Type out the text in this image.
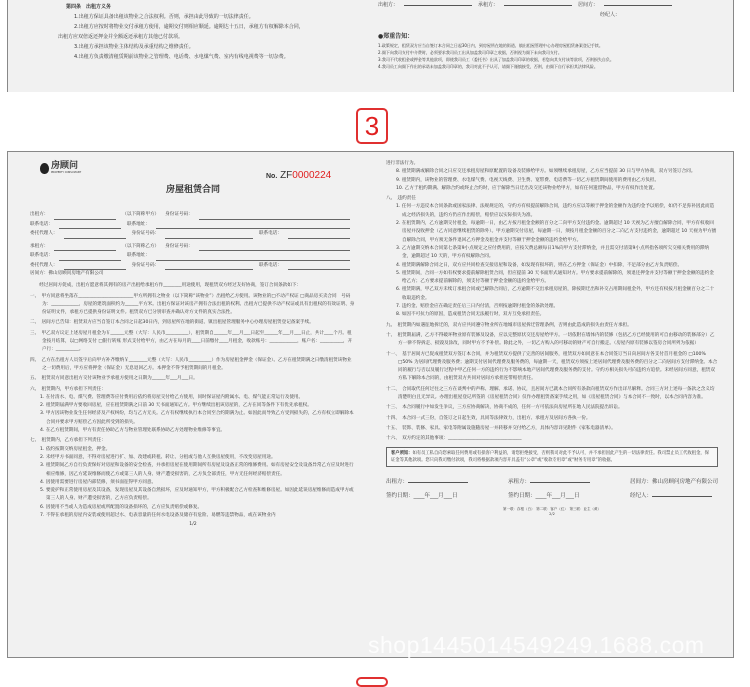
第四条　出租方义务
1.出租方保证具备出租该物业之合法权利。否则，承担由此导致的一切法律责任。
2.出租方应按时将物业交付承租方使用，逾期交付则相应顺延。逾期达十五日，承租方有权解除本合同，
出租方应双倍返还押金并全额返还承租方其他已付款项。
3.出租方承担该物业主体结构及承重结构之维修责任。
4.出租方负责缴清租赁期前该物业之管理费、电话费、水电煤气费、室内有线电视费等一切杂费。
出租方：	承租方：	居间方：
经纪人：
●郑重告知：
1.政策规定，租赁双方应当自签订本合同之日起30日内，到房屋所在地的街道、镇出租屋管理中心办理房屋租赁备案登记手续。
2.阁下向我司支付中介费时，必须要求我司员工出具加盖我司印章之收据，否则视为阁下未向我司支付。
3.我司不代收租金或押金等其他款项，即使我司员工（委托书）出具了加盖我司印章的收据，若您向其支付该等款项，否则损失自负。
4.我司员工向阁下作出的承诺未加盖我司印章的，我司对此不予认可，请阁下谨慎接受，否则，由阁下自行承担其法律风险。
3
房顾问
PROPERTY CONSULTANT
No. ZF0000224
房屋租赁合同
出租方：	（以下简称甲方） 身份证号码：
联系电话：	联系地址：
委托代理人：	身份证号码：	联系电话：
承租方：	（以下简称乙方） 身份证号码：
联系电话：	联系地址：
委托代理人：	身份证号码：	联系电话：
居间方：佛山房顾问房地产有限公司
　　经过居间方促成，出租方愿意将其拥有的房产出租给承租方作________用途使用，现租赁双方经过友好协商，签订合同条款如下：
一、　甲方同意将坐落在________________________甲方所拥有之物业（以下简称“该物业”）出租给乙方使用。该物业的□不动产权证 □商品房买卖合同　号码为：____________，房屋的建筑面积约为______平方米。出租方保证对该房产拥有合法出租的权利。出租方已提供不动产权证或具有出租权的有效证明、身份证明文件，承租方已提供身份证明文件。租赁双方已分别审查并确认对方文件的真实合法性。
二、　居间方已告知：租赁双方应当自签订本合同之日起30日内，到房屋所在地的街道、镇出租屋管理服务中心办理房屋租赁登记备案手续。
三、　甲乙双方议定上述房屋月租金为￥______元整（大写：人民币__________），租赁期自______年___月___日起至______年___月___日止，共计____个月。租金按月结算，以□网络支付 □银行转账 形式支付给甲方，由乙方在每月的____日前缴付____月租金，收款账号：____________，账户名：__________，开户行：__________。
四、　乙方在出租方人员签字后向甲方补齐缴纳￥________元整（大写：人民币__________）作为房屋租金押金（保证金）。乙方在租赁期满之日缴清租赁该物业之一切费用后，甲方应将押金（保证金）无息退回乙方。本押金不得予租赁期间的月租金。
五、　租赁双方同意出租方交付该物业予承租方使用之日期为______年___月___日。
六、　租赁期内，甲方承担下列责任：
1. 在付清水、电、煤气费、管理费等应付费用后依约将房屋交付给乙方使用，同时保证屋内附属水、电、煤气能正常运行及使用。
2. 租赁期届满甲方要收回房屋，应在租赁期满之日前 30 天书面通知乙方。甲方继续出租该房屋的，乙方在同等条件下有优先承租权。
3. 甲方因该物业发生任何经济及产权纠纷，均与乙方无关。乙方有权继续执行本合同至合约期满为止。如因此而导致乙方受到损失的，乙方有权立即解除本合同并要求甲方赔偿乙方因此所受到的损失。
4. 在乙方租赁期间，甲方有责任协助乙方与物业管理处联系协助乙方处理物业维修等事宜。
七、　租赁期内，乙方承担下列责任：
1. 依约按期交纳房屋租金、押金。
2. 未经甲方书面同意，不得对房屋进行扩、加、改建或转租、转让、分租或与他人互换房屋使用，不改变房屋用途。
3. 租赁期间乙方自行负责保好对房屋和设备的安全检查，并承担房屋在使用期间所有房屋及设备正常的维修费用。如有房屋安全及设备异常乙方应及时进行相应维修，因乙方延误维修而使乙方或第三人的人身、财产遭受损害的，乙方负全部责任，甲方无任何经济赔偿责任。
4. 因使用需要进行房屋内部装修，须书面征得甲方同意。
5. 要爱护和正常使用房屋及其设备，发现房屋及其设备自然损坏，应及时通知甲方，甲方积极配合乙方检查和维修房屋。如因此延误房屋维修而造成甲方或第三人的人身、财产遭受损害的，乙方应负责赔偿。
6. 因使用不当或人为造成房屋或所配置的设备损坏的，乙方应负责赔偿或修复。
7. 不得在承租的房屋内安装或使用超过水、电表容量的任何水电设备及储存有危险、易燃等违禁物品，或在该物业内
1/2
进行非法行为。
8. 租赁期满或解除合同之日应交还承租房屋和原配置的设备及装修给甲方。如须继续承租房屋，乙方应当提前 30 日与甲方协商，双方另签订合同。
9. 租赁期内，该物业的管理费、水电煤气费、电视天线费、卫生费、宽带费、电话费等一切乙方租赁期间使用的费用由乙方负担。
10. 乙方于租约期满、解除合约或终止合约时，应于解除当日迁出及交还该物业给甲方，如有任何遗留物品，甲方有权作出处置。
八、　违约责任
1. 任何一方违反本合同条款或国家法律、法规规定的，守约方有权提前解除合同，违约方应以等额于押金的金额作为违约金予以赔偿，如仍不足弥补因此而造成之经济损失的，违约方仍应作出赔偿，赔偿应以实际损失为准。
2. 在租赁期内，乙方逾期交付租金，每逾期一日，由乙方按月租金金额的百分之二向甲方支付违约金。逾期超过 10 天视为乙方擅自解除合同，甲方有权收回房屋并没收押金（乙方同意继续租赁的除外）。甲方逾期交付房屋，每逾期一日，须按月租金金额的百分之二向乙方支付违约金，逾期超过 10 天视为甲方擅自解除合同，甲方须无条件退回乙方押金及租金并支付等额于押金金额的违约金给甲方。
3. 乙方逾期交纳本合同第七条第9小点规定之应付费用的，应按欠费总额每日1%向甲方支付滞纳金，并且需交付清第9小点所指各项所欠交相关费用的滞纳金，逾期超过 10 天的，甲方有权解除合同。
4. 租赁期满解除合同之日，双方应共同检查交接房屋和设备，如发现有损坏的，则在乙方押金（保证金）中扣除，不足部分由乙方负责赔偿。
5. 租赁期间，合同一方如有权要求提前解除租赁合同，但应提前 30 天书面形式通知对方。甲方要求提前解除的，须退还押金并支付等额于押金金额的违约金给乙方；乙方要求提前解除的，须支付等额于押金金额的违约金给甲方。
6. 租赁期满，甲乙双方未续订承租合同或已解除合同后，乙方逾期不交出承租房屋的，除按期迁出和补交占用期间租金外，甲方还有权按月租金额百分之二十收取违约金。
7. 违约金、赔偿金应在确定责任后三日内付清，否则按逾期付租金的条款处理。
8. 如因不可抗力的原因，造成租赁合同无法履行时，双方互免承担责任。
九、　租赁期内如遇征地拆迁的，双方应共同遵守物业所在地城市房屋拆迁管理条例，否则由此造成的损失由责任方承担。
十、　租赁期届满，乙方不得破坏物业原有装修及设备，应以完整原状交还房屋给甲方。一切依附在墙体内的装修（包括乙方已经使用的可自由移动的装修部分）乙方一律不得拆走、损毁及涂改，同时甲方不予补偿。除此之外，一切乙方购入的可移动的财产可自行搬走。（房屋内原有装修以签房合同所列为依据）
十一、　基于居间方已促成租赁双方签订本合同，并为租赁双方提供了完善的居间服务，租赁双方如同意在本合同签订当日向居间方各支付首月租金的 □100% □50% 为居间代理费及服务费；逾期支付居间代理费及服务费的，每逾期一天，租赁双方须按上述居间代理费及服务费的百分之二向居间方支付滞纳金。本合同的履行与否以及履行过程中甲乙任何一方的违约行为不影响本地产居间代理费及服务费的支付。守约方相关损失可向违约方追偿。未经居间方同意，租赁双方私下解除本合同的，由租赁双方共同对居间方承担连带赔偿责任。
十二、　合同取代任何过往之三方在谈判中的声称、理解、承诺、协议，且居间方已就本合同所有条款向租赁双方作出详尽解释。合同三方对上述每一条款之含义均清楚明白且无异议。办理出租屋登记所签的《房屋租赁合同》仅作办理租赁备案手续之用，如《房屋租赁合同》与本合同不一致时，以本合同内容为准。
十三、　本合同履行中如发生争议，三方应协商解决，协商不成的，任何一方可依法向房屋所在地人民法院提出诉讼。
十四、　本合同一式三份，自签订之日起生效，具同等法律效力，出租方、承租方及居间方各执一份。
十五、　装饰、装修、家具、家电等附属设施随房屋一并转移并交付给乙方，具体内容详见附件《家私电器清单》。
十六、　双方约定的其他事项：________________________________
客户须知：如有员工私自向您索取任何费用或有损客户利益的，请您拒绝接受，否则我司对此不予认可，并不承担因此产生的一切法律责任。我司禁止员工代收租金，保证金等其他款项。您只向我司缴付款项，我司将根据款项内容开具盖有“公章”或“收款专用章”或“财务专用章”的收据。
出租方：
签约日期：____年___月___日
承租方：
签约日期：____年___月___日
居间方：佛山房顾问房地产有限公司
经纪人：
第一联：存根（白）　第二联：客户（红）　第三联：业主（黄）
2/2
shop1445014549249.1688.com
